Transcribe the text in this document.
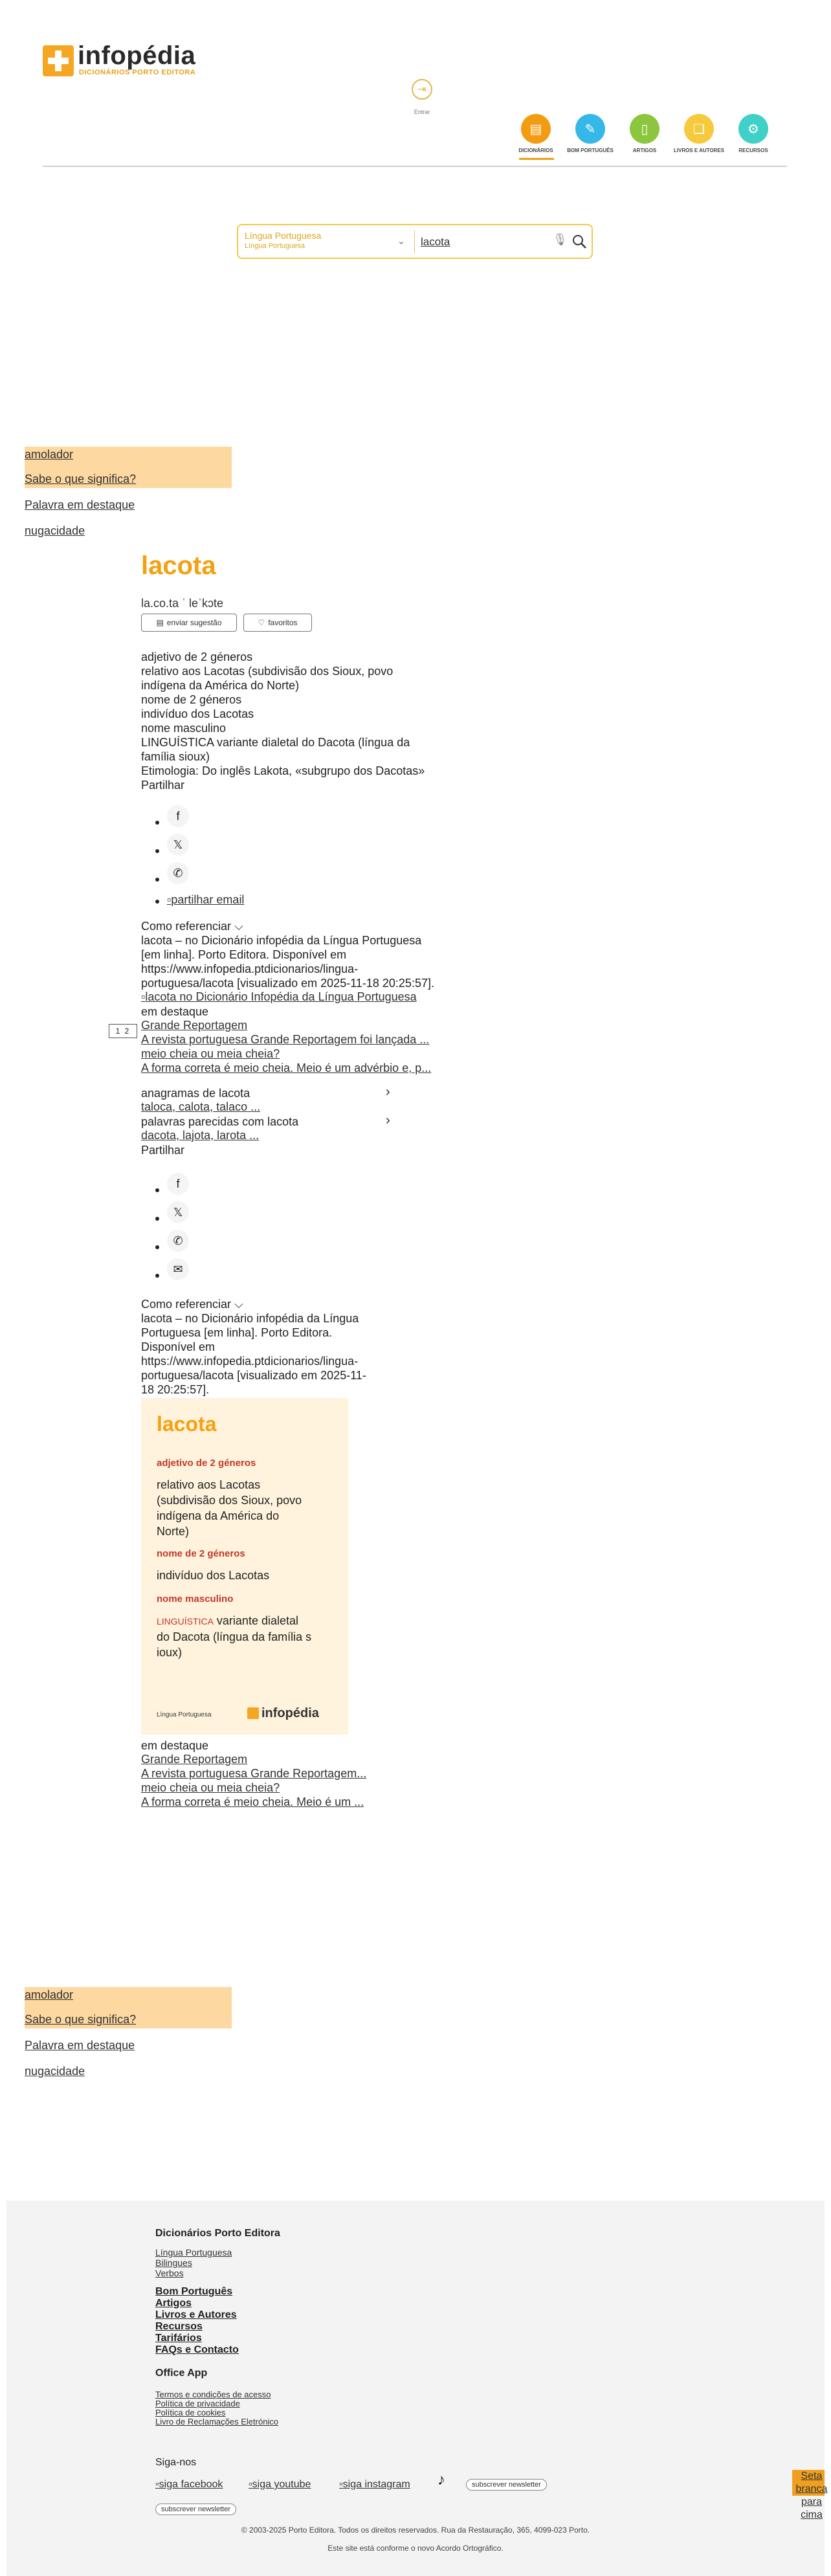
infopédia
DICIONÁRIOS PORTO EDITORA
⇥
Entrar
▤
DICIONÁRIOS
✎
BOM PORTUGUÊS
▯
ARTIGOS
❏
LIVROS E AUTORES
⚙
RECURSOS
Língua Portuguesa
Língua Portuguesa	⌄
lacota	🎙
amolador
Sabe o que significa?
Palavra em destaque
nugacidade
lacota
la.co.ta ˈ leˈkɔte
▤ enviar sugestão	♡ favoritos
adjetivo de 2 géneros
relativo aos Lacotas (subdivisão dos Sioux, povo
indígena da América do Norte)
nome de 2 géneros
indivíduo dos Lacotas
nome masculino
LINGUÍSTICA variante dialetal do Dacota (língua da
família sioux)
Etimologia: Do inglês Lakota, «subgrupo dos Dacotas»
Partilhar
f
𝕏
✆
▫partilhar email
Como referenciar ⌵
lacota – no Dicionário infopédia da Língua Portuguesa
[em linha]. Porto Editora. Disponível em
https://www.infopedia.ptdicionarios/lingua-
portuguesa/lacota [visualizado em 2025-11-18 20:25:57].
▫lacota no Dicionário Infopédia da Língua Portuguesa
em destaque
1 2 Grande Reportagem
A revista portuguesa Grande Reportagem foi lançada ...
meio cheia ou meia cheia?
A forma correta é meio cheia. Meio é um advérbio e, p...
anagramas de lacota	›
taloca, calota, talaco ...
palavras parecidas com lacota	›
dacota, lajota, larota ...
Partilhar
f
𝕏
✆
✉
Como referenciar ⌵
lacota – no Dicionário infopédia da Língua
Portuguesa [em linha]. Porto Editora.
Disponível em
https://www.infopedia.ptdicionarios/lingua-
portuguesa/lacota [visualizado em 2025-11-
18 20:25:57].
lacota
adjetivo de 2 géneros
relativo aos Lacotas
(subdivisão dos Sioux, povo
indígena da América do
Norte)
nome de 2 géneros
indivíduo dos Lacotas
nome masculino
LINGUÍSTICA variante dialetal
do Dacota (língua da família s
ioux)
Língua Portuguesa	infopédia
em destaque
Grande Reportagem
A revista portuguesa Grande Reportagem...
meio cheia ou meia cheia?
A forma correta é meio cheia. Meio é um ...
amolador
Sabe o que significa?
Palavra em destaque
nugacidade
Dicionários Porto Editora
Língua Portuguesa
Bilingues
Verbos
Bom Português
Artigos
Livros e Autores
Recursos
Tarifários
FAQs e Contacto
Office App
Termos e condições de acesso
Política de privacidade
Política de cookies
Livro de Reclamações Eletrónico
Siga-nos
▫siga facebook ▫siga youtube	▫siga instagram ♪	subscrever newsletter
subscrever newsletter
© 2003-2025 Porto Editora. Todos os direitos reservados. Rua da Restauração, 365, 4099-023 Porto.
Este site está conforme o novo Acordo Ortográfico.
Seta branca para cima
